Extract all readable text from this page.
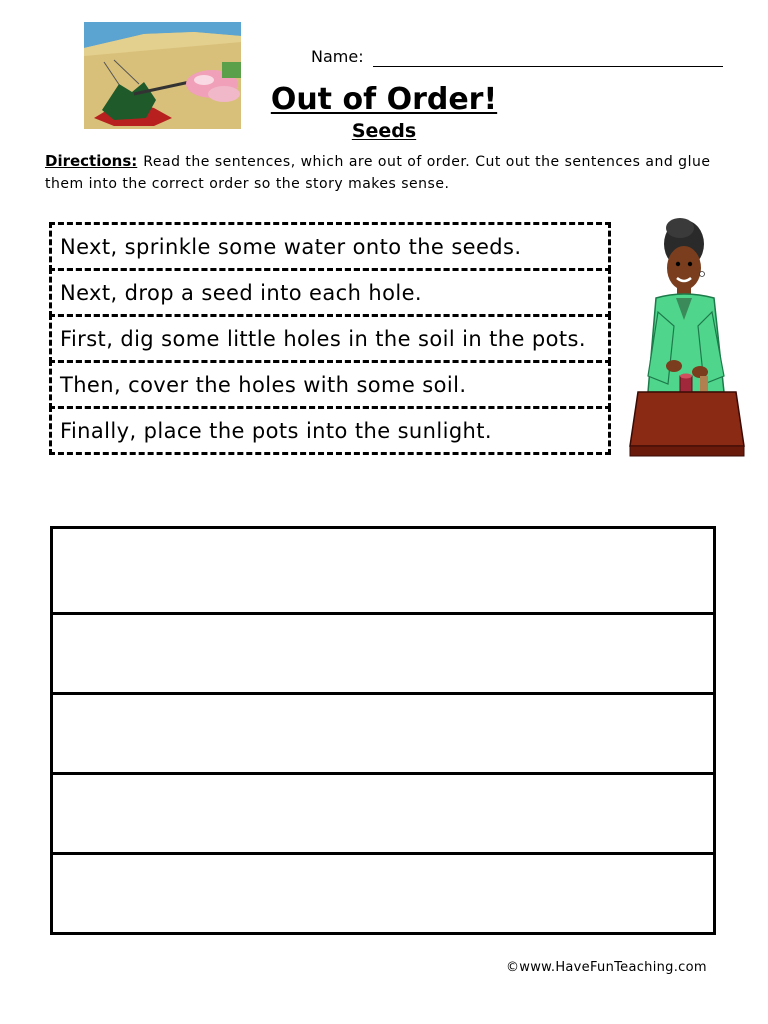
Name:
Out of Order!
Seeds
Directions: Read the sentences, which are out of order. Cut out the sentences and glue them into the correct order so the story makes sense.
Next, sprinkle some water onto the seeds.
Next, drop a seed into each hole.
First, dig some little holes in the soil in the pots.
Then, cover the holes with some soil.
Finally, place the pots into the sunlight.
©www.HaveFunTeaching.com
